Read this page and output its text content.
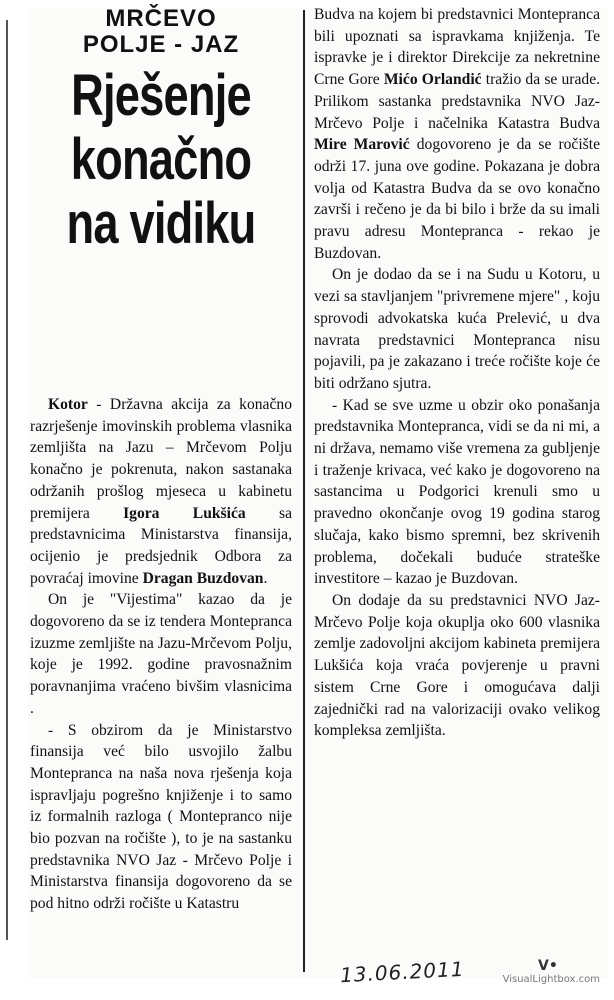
MRČEVO

POLJE - JAZ

Rješenje
konačno
na vidiku

Kotor - Državna akcija za konačno razrješenje imovinskih problema vlasnika zemljišta na Jazu – Mrčevom Polju konačno je pokrenuta, nakon sastanaka održanih prošlog mjeseca u kabinetu premijera Igora Lukšića sa predstavnicima Ministarstva finansija, ocijenio je predsjednik Odbora za povraćaj imovine Dragan Buzdovan.

On je "Vijestima" kazao da je dogovoreno da se iz tendera Montepranca izuzme zemljište na Jazu-Mrčevom Polju, koje je 1992. godine pravosnažnim poravnanjima vraćeno bivšim vlasnicima .

- S obzirom da je Ministarstvo finansija već bilo usvojilo žalbu Montepranca na naša nova rješenja koja ispravljaju pogrešno knjiženje i to samo iz formalnih razloga ( Montepranco nije bio pozvan na ročište ), to je na sastanku predstavnika NVO Jaz - Mrčevo Polje i Ministarstva finansija dogovoreno da se pod hitno održi ročište u Katastru

Budva na kojem bi predstavnici Montepranca bili upoznati sa ispravkama knjiženja. Te ispravke je i direktor Direkcije za nekretnine Crne Gore Mićo Orlandić tražio da se urade. Prilikom sastanka predstavnika NVO Jaz-Mrčevo Polje i načelnika Katastra Budva Mire Marović dogovoreno je da se ročište održi 17. juna ove godine. Pokazana je dobra volja od Katastra Budva da se ovo konačno završi i rečeno je da bi bilo i brže da su imali pravu adresu Montepranca - rekao je Buzdovan.

On je dodao da se i na Sudu u Kotoru, u vezi sa stavljanjem "privremene mjere" , koju sprovodi advokatska kuća Prelević, u dva navrata predstavnici Montepranca nisu pojavili, pa je zakazano i treće ročište koje će biti održano sjutra.

- Kad se sve uzme u obzir oko ponašanja predstavnika Montepranca, vidi se da ni mi, a ni država, nemamo više vremena za gubljenje i traženje krivaca, već kako je dogovoreno na sastancima u Podgorici krenuli smo u pravedno okončanje ovog 19 godina starog slučaja, kako bismo spremni, bez skrivenih problema, dočekali buduće strateške investitore – kazao je Buzdovan.

On dodaje da su predstavnici NVO Jaz-Mrčevo Polje koja okuplja oko 600 vlasnika zemlje zadovoljni akcijom kabineta premijera Lukšića koja vraća povjerenje u pravni sistem Crne Gore i omogućava dalji zajednički rad na valorizaciji ovako velikog kompleksa zemljišta.

13.06.2011	V•
VisualLightbox.com
